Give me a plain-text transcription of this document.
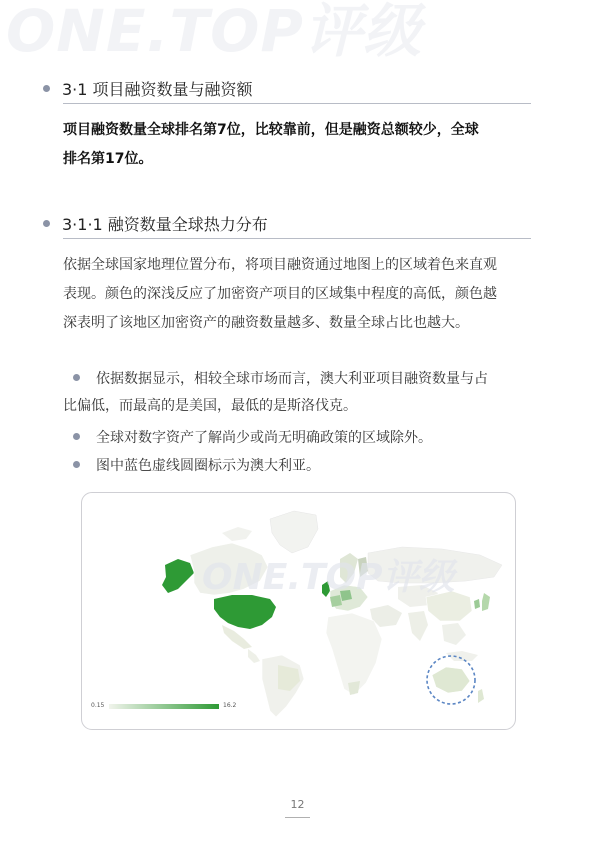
ONE.TOP评级
3·1 项目融资数量与融资额
项目融资数量全球排名第7位，比较靠前，但是融资总额较少，全球
排名第17位。
3·1·1 融资数量全球热力分布
依据全球国家地理位置分布，将项目融资通过地图上的区域着色来直观
表现。颜色的深浅反应了加密资产项目的区域集中程度的高低，颜色越
深表明了该地区加密资产的融资数量越多、数量全球占比也越大。
依据数据显示，相较全球市场而言，澳大利亚项目融资数量与占
比偏低，而最高的是美国，最低的是斯洛伐克。
全球对数字资产了解尚少或尚无明确政策的区域除外。
图中蓝色虚线圆圈标示为澳大利亚。
ONE.TOP评级
0.15	16.2
12
